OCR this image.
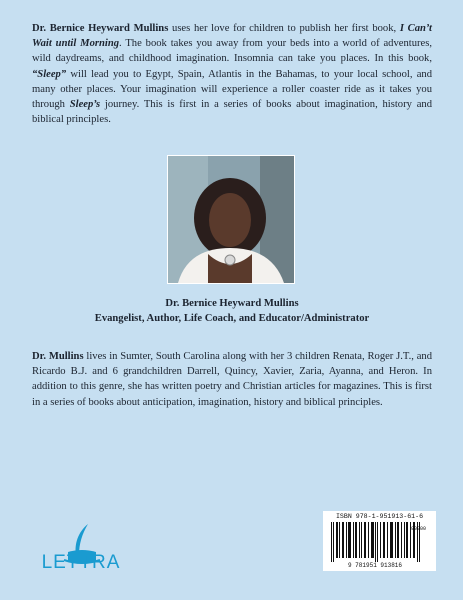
Dr. Bernice Heyward Mullins uses her love for children to publish her first book, I Can’t Wait until Morning. The book takes you away from your beds into a world of adventures, wild daydreams, and childhood imagination. Insomnia can take you places. In this book, “Sleep” will lead you to Egypt, Spain, Atlantis in the Bahamas, to your local school, and many other places. Your imagination will experience a roller coaster ride as it takes you through Sleep’s journey. This is first in a series of books about imagination, history and biblical principles.

Dr. Bernice Heyward Mullins
Evangelist, Author, Life Coach, and Educator/Administrator

Dr. Mullins lives in Sumter, South Carolina along with her 3 children Renata, Roger J.T., and Ricardo B.J. and 6 grandchildren Darrell, Quincy, Xavier, Zaria, Ayanna, and Heron. In addition to this genre, she has written poetry and Christian articles for magazines. This is first in a series of books about anticipation, imagination, history and biblical principles.

LETTRA
ISBN 978-1-951913-61-6
90000
9 781951 913816
